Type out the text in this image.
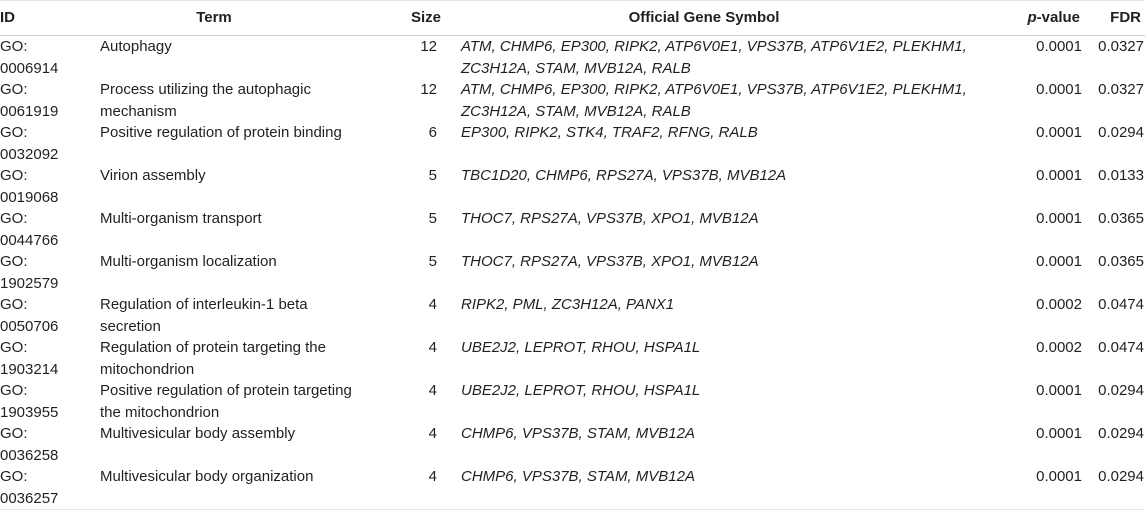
ID	Term	Size	Official Gene Symbol	p-value	FDR
GO:
0006914	Autophagy	12	ATM, CHMP6, EP300, RIPK2, ATP6V0E1, VPS37B, ATP6V1E2, PLEKHM1, ZC3H12A, STAM, MVB12A, RALB	0.0001	0.0327
GO:
0061919	Process utilizing the autophagic mechanism	12	ATM, CHMP6, EP300, RIPK2, ATP6V0E1, VPS37B, ATP6V1E2, PLEKHM1, ZC3H12A, STAM, MVB12A, RALB	0.0001	0.0327
GO:
0032092	Positive regulation of protein binding	6	EP300, RIPK2, STK4, TRAF2, RFNG, RALB	0.0001	0.0294
GO:
0019068	Virion assembly	5	TBC1D20, CHMP6, RPS27A, VPS37B, MVB12A	0.0001	0.0133
GO:
0044766	Multi-organism transport	5	THOC7, RPS27A, VPS37B, XPO1, MVB12A	0.0001	0.0365
GO:
1902579	Multi-organism localization	5	THOC7, RPS27A, VPS37B, XPO1, MVB12A	0.0001	0.0365
GO:
0050706	Regulation of interleukin-1 beta secretion	4	RIPK2, PML, ZC3H12A, PANX1	0.0002	0.0474
GO:
1903214	Regulation of protein targeting the mitochondrion	4	UBE2J2, LEPROT, RHOU, HSPA1L	0.0002	0.0474
GO:
1903955	Positive regulation of protein targeting the mitochondrion	4	UBE2J2, LEPROT, RHOU, HSPA1L	0.0001	0.0294
GO:
0036258	Multivesicular body assembly	4	CHMP6, VPS37B, STAM, MVB12A	0.0001	0.0294
GO:
0036257	Multivesicular body organization	4	CHMP6, VPS37B, STAM, MVB12A	0.0001	0.0294
